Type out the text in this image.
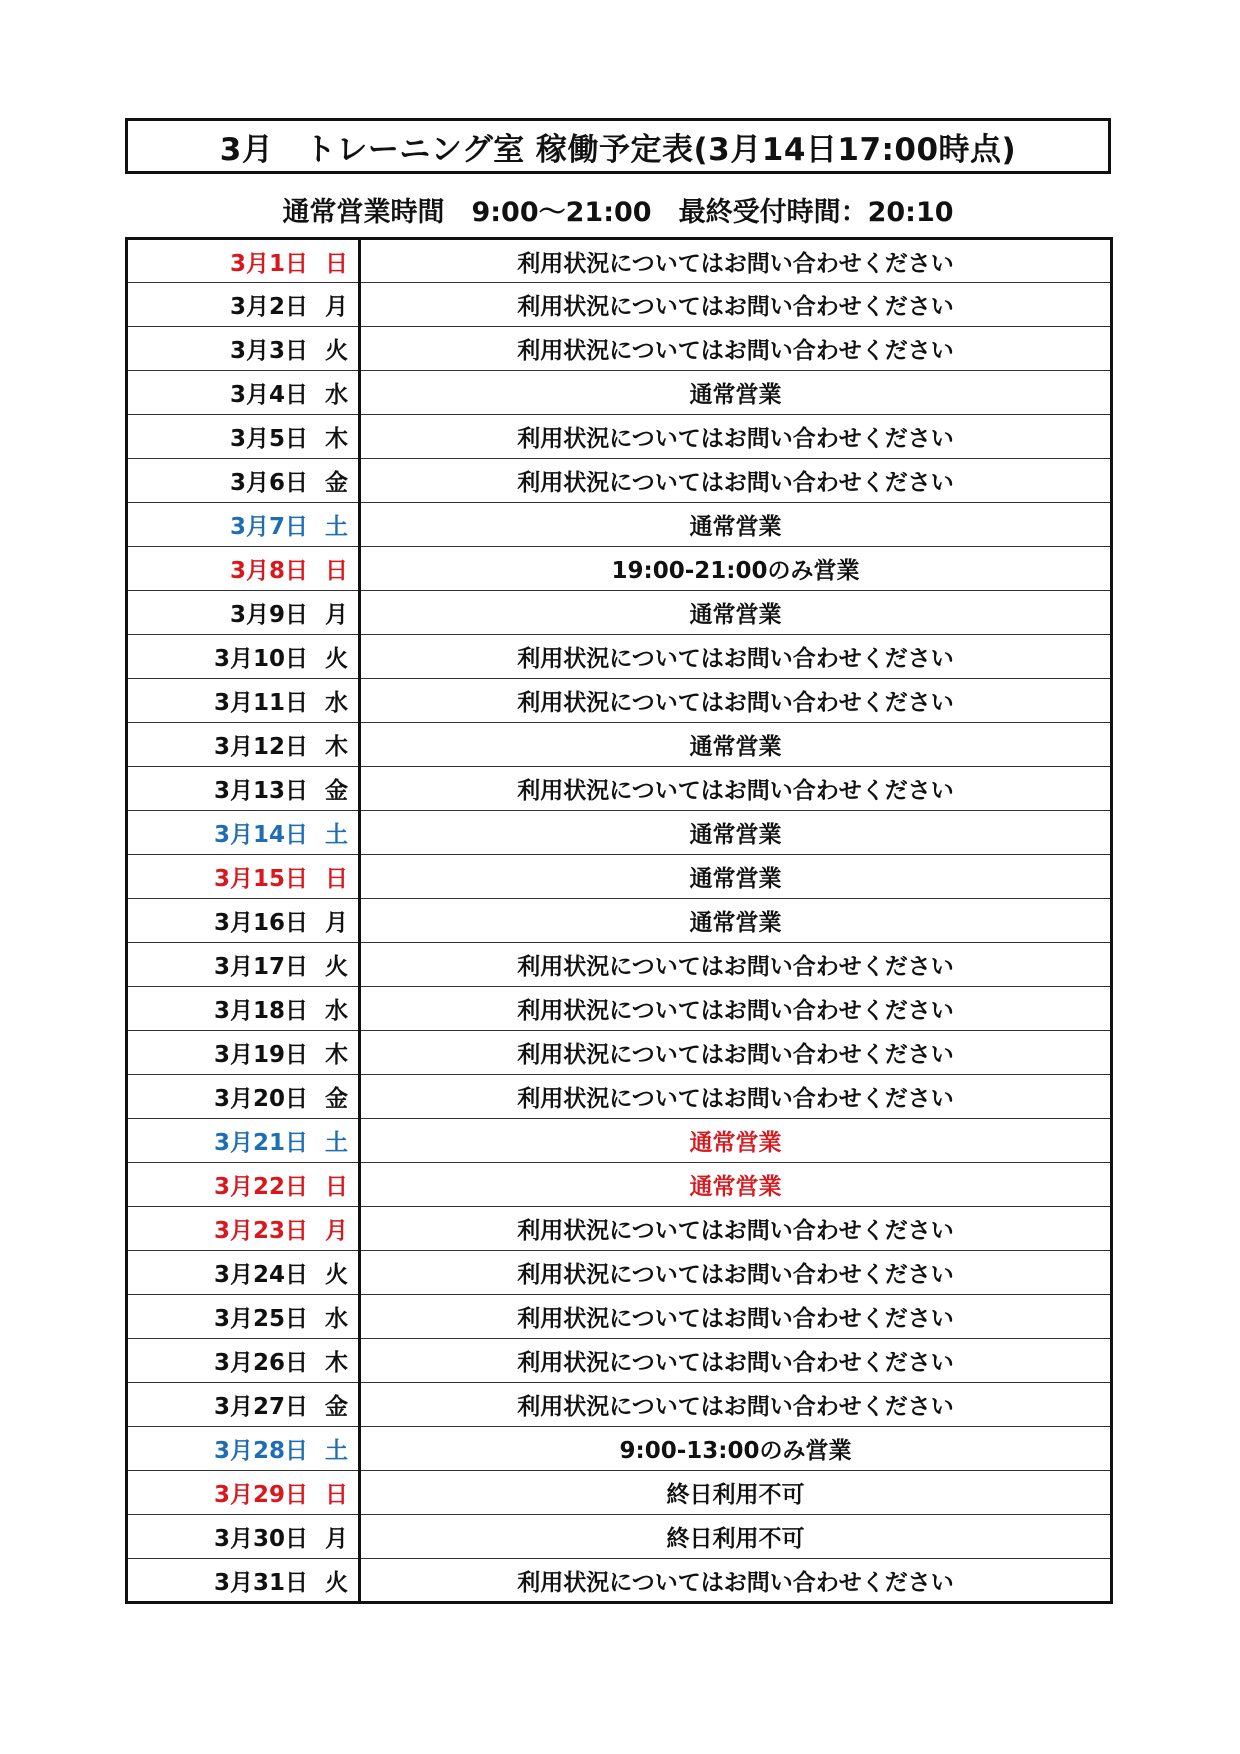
3月　トレーニング室 稼働予定表(3月14日17:00時点)
通常営業時間　9:00～21:00　最終受付時間：20:10
3月1日 日	利用状況についてはお問い合わせください
3月2日 月	利用状況についてはお問い合わせください
3月3日 火	利用状況についてはお問い合わせください
3月4日 水	通常営業
3月5日 木	利用状況についてはお問い合わせください
3月6日 金	利用状況についてはお問い合わせください
3月7日 土	通常営業
3月8日 日	19:00-21:00のみ営業
3月9日 月	通常営業
3月10日 火	利用状況についてはお問い合わせください
3月11日 水	利用状況についてはお問い合わせください
3月12日 木	通常営業
3月13日 金	利用状況についてはお問い合わせください
3月14日 土	通常営業
3月15日 日	通常営業
3月16日 月	通常営業
3月17日 火	利用状況についてはお問い合わせください
3月18日 水	利用状況についてはお問い合わせください
3月19日 木	利用状況についてはお問い合わせください
3月20日 金	利用状況についてはお問い合わせください
3月21日 土	通常営業
3月22日 日	通常営業
3月23日 月	利用状況についてはお問い合わせください
3月24日 火	利用状況についてはお問い合わせください
3月25日 水	利用状況についてはお問い合わせください
3月26日 木	利用状況についてはお問い合わせください
3月27日 金	利用状況についてはお問い合わせください
3月28日 土	9:00-13:00のみ営業
3月29日 日	終日利用不可
3月30日 月	終日利用不可
3月31日 火	利用状況についてはお問い合わせください
